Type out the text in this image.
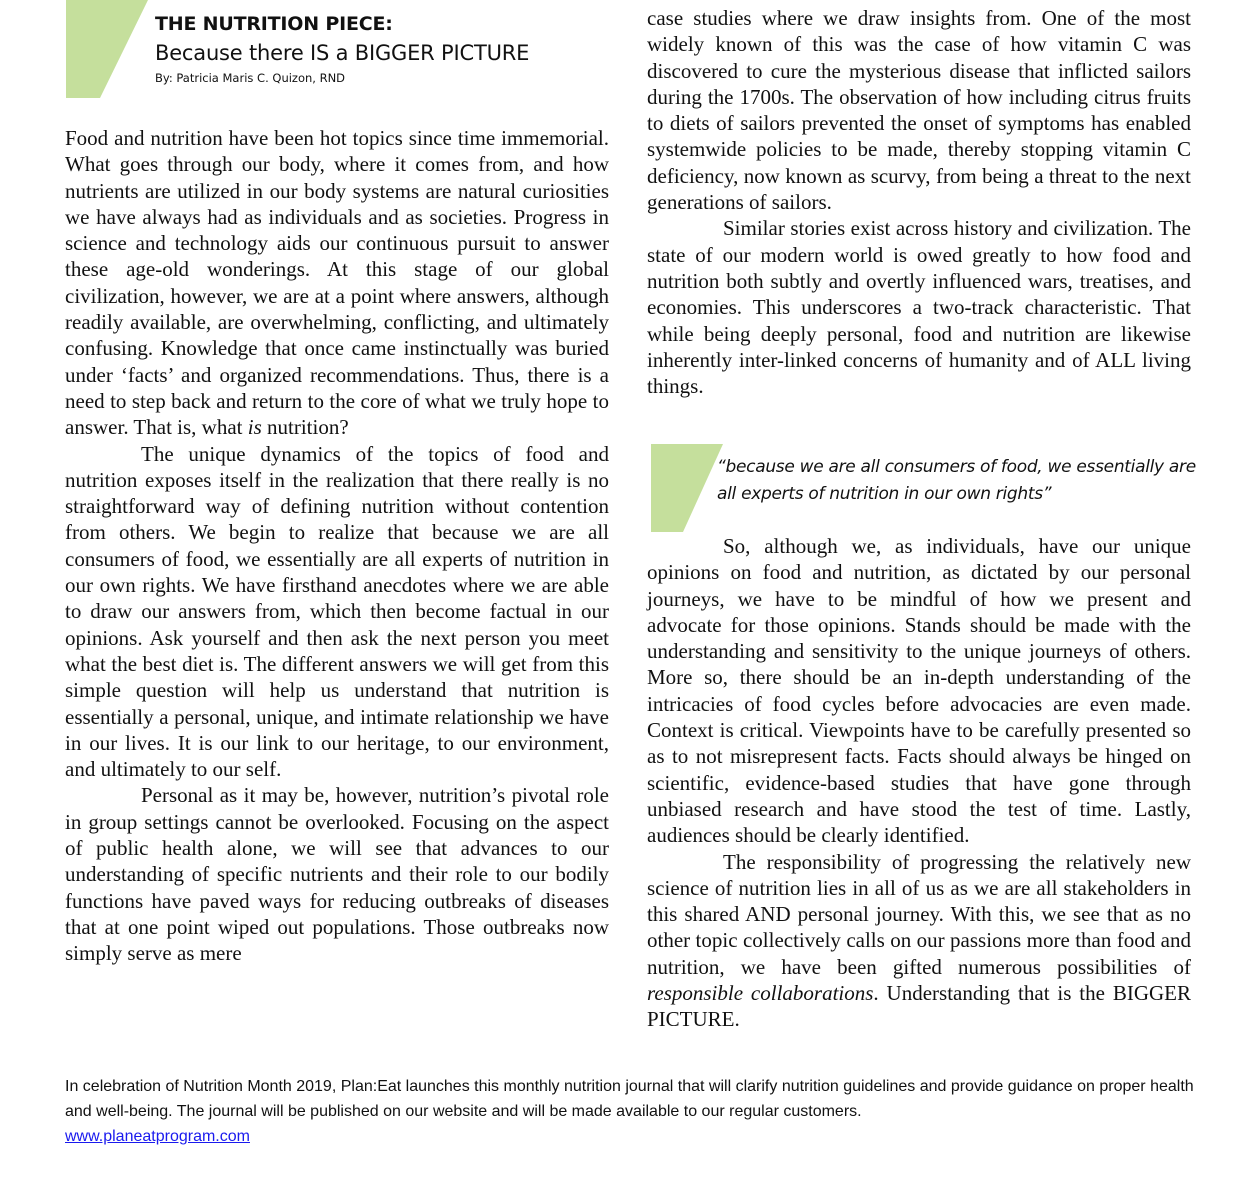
THE NUTRITION PIECE:
Because there IS a BIGGER PICTURE
By: Patricia Maris C. Quizon, RND

Food and nutrition have been hot topics since time immemorial. What goes through our body, where it comes from, and how nutrients are utilized in our body systems are natural curiosities we have always had as individuals and as societies. Progress in science and technology aids our continuous pursuit to answer these age-old wonderings. At this stage of our global civilization, however, we are at a point where answers, although readily available, are overwhelming, conflicting, and ultimately confusing. Knowledge that once came instinctually was buried under ‘facts’ and organized recommendations. Thus, there is a need to step back and return to the core of what we truly hope to answer. That is, what is nutrition?

The unique dynamics of the topics of food and nutrition exposes itself in the realization that there really is no straightforward way of defining nutrition without contention from others. We begin to realize that because we are all consumers of food, we essentially are all experts of nutrition in our own rights. We have firsthand anecdotes where we are able to draw our answers from, which then become factual in our opinions. Ask yourself and then ask the next person you meet what the best diet is. The different answers we will get from this simple question will help us understand that nutrition is essentially a personal, unique, and intimate relationship we have in our lives. It is our link to our heritage, to our environment, and ultimately to our self.

Personal as it may be, however, nutrition’s pivotal role in group settings cannot be overlooked. Focusing on the aspect of public health alone, we will see that advances to our understanding of specific nutrients and their role to our bodily functions have paved ways for reducing outbreaks of diseases that at one point wiped out populations. Those outbreaks now simply serve as mere

case studies where we draw insights from. One of the most widely known of this was the case of how vitamin C was discovered to cure the mysterious disease that inflicted sailors during the 1700s. The observation of how including citrus fruits to diets of sailors prevented the onset of symptoms has enabled systemwide policies to be made, thereby stopping vitamin C deficiency, now known as scurvy, from being a threat to the next generations of sailors.

Similar stories exist across history and civilization. The state of our modern world is owed greatly to how food and nutrition both subtly and overtly influenced wars, treatises, and economies. This underscores a two-track characteristic. That while being deeply personal, food and nutrition are likewise inherently inter-linked concerns of humanity and of ALL living things.

“because we are all consumers of food, we essentially are all experts of nutrition in our own rights”

So, although we, as individuals, have our unique opinions on food and nutrition, as dictated by our personal journeys, we have to be mindful of how we present and advocate for those opinions. Stands should be made with the understanding and sensitivity to the unique journeys of others. More so, there should be an in-depth understanding of the intricacies of food cycles before advocacies are even made. Context is critical. Viewpoints have to be carefully presented so as to not misrepresent facts. Facts should always be hinged on scientific, evidence-based studies that have gone through unbiased research and have stood the test of time. Lastly, audiences should be clearly identified.

The responsibility of progressing the relatively new science of nutrition lies in all of us as we are all stakeholders in this shared AND personal journey. With this, we see that as no other topic collectively calls on our passions more than food and nutrition, we have been gifted numerous possibilities of responsible collaborations. Understanding that is the BIGGER PICTURE.

In celebration of Nutrition Month 2019, Plan:Eat launches this monthly nutrition journal that will clarify nutrition guidelines and provide guidance on proper health and well-being. The journal will be published on our website and will be made available to our regular customers.
www.planeatprogram.com
